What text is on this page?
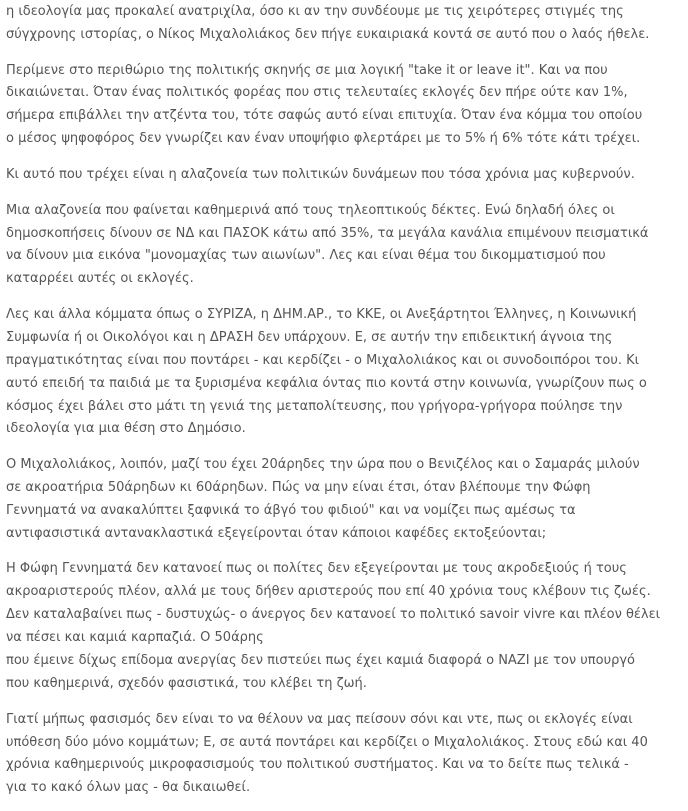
η ιδεολογία μας προκαλεί ανατριχίλα, όσο κι αν την συνδέουμε με τις χειρότερες στιγμές της
σύγχρονης ιστορίας, ο Νίκος Μιχαλολιάκος δεν πήγε ευκαιριακά κοντά σε αυτό που ο λαός ήθελε.

Περίμενε στο περιθώριο της πολιτικής σκηνής σε μια λογική "take it or leave it". Και να που
δικαιώνεται. Όταν ένας πολιτικός φορέας που στις τελευταίες εκλογές δεν πήρε ούτε καν 1%,
σήμερα επιβάλλει την ατζέντα του, τότε σαφώς αυτό είναι επιτυχία. Όταν ένα κόμμα του οποίου
ο μέσος ψηφοφόρος δεν γνωρίζει καν έναν υποψήφιο φλερτάρει με το 5% ή 6% τότε κάτι τρέχει.

Κι αυτό που τρέχει είναι η αλαζονεία των πολιτικών δυνάμεων που τόσα χρόνια μας κυβερνούν.

Μια αλαζονεία που φαίνεται καθημερινά από τους τηλεοπτικούς δέκτες. Ενώ δηλαδή όλες οι
δημοσκοπήσεις δίνουν σε ΝΔ και ΠΑΣΟΚ κάτω από 35%, τα μεγάλα κανάλια επιμένουν πεισματικά
να δίνουν μια εικόνα "μονομαχίας των αιωνίων". Λες και είναι θέμα του δικομματισμού που
καταρρέει αυτές οι εκλογές.

Λες και άλλα κόμματα όπως ο ΣΥΡΙΖΑ, η ΔΗΜ.ΑΡ., το ΚΚΕ, οι Ανεξάρτητοι Έλληνες, η Κοινωνική
Συμφωνία ή οι Οικολόγοι και η ΔΡΑΣΗ δεν υπάρχουν. Ε, σε αυτήν την επιδεικτική άγνοια της
πραγματικότητας είναι που ποντάρει - και κερδίζει - ο Μιχαλολιάκος και οι συνοδοιπόροι του. Κι
αυτό επειδή τα παιδιά με τα ξυρισμένα κεφάλια όντας πιο κοντά στην κοινωνία, γνωρίζουν πως ο
κόσμος έχει βάλει στο μάτι τη γενιά της μεταπολίτευσης, που γρήγορα-γρήγορα πούλησε την
ιδεολογία για μια θέση στο Δημόσιο.

Ο Μιχαλολιάκος, λοιπόν, μαζί του έχει 20άρηδες την ώρα που ο Βενιζέλος και ο Σαμαράς μιλούν
σε ακροατήρια 50άρηδων κι 60άρηδων. Πώς να μην είναι έτσι, όταν βλέπουμε την Φώφη
Γεννηματά να ανακαλύπτει ξαφνικά το άβγό του φιδιού" και να νομίζει πως αμέσως τα
αντιφασιστικά αντανακλαστικά εξεγείρονται όταν κάποιοι καφέδες εκτοξεύονται;

Η Φώφη Γεννηματά δεν κατανοεί πως οι πολίτες δεν εξεγείρονται με τους ακροδεξιούς ή τους
ακροαριστερούς πλέον, αλλά με τους δήθεν αριστερούς που επί 40 χρόνια τους κλέβουν τις ζωές.
Δεν καταλαβαίνει πως - δυστυχώς- ο άνεργος δεν κατανοεί το πολιτικό savoir vivre και πλέον θέλει
να πέσει και καμιά καρπαζιά. Ο 50άρης
που έμεινε δίχως επίδομα ανεργίας δεν πιστεύει πως έχει καμιά διαφορά ο NAZI με τον υπουργό
που καθημερινά, σχεδόν φασιστικά, του κλέβει τη ζωή.

Γιατί μήπως φασισμός δεν είναι το να θέλουν να μας πείσουν σόνι και ντε, πως οι εκλογές είναι
υπόθεση δύο μόνο κομμάτων; Ε, σε αυτά ποντάρει και κερδίζει ο Μιχαλολιάκος. Στους εδώ και 40
χρόνια καθημερινούς μικροφασισμούς του πολιτικού συστήματος. Και να το δείτε πως τελικά -
για το κακό όλων μας - θα δικαιωθεί.
